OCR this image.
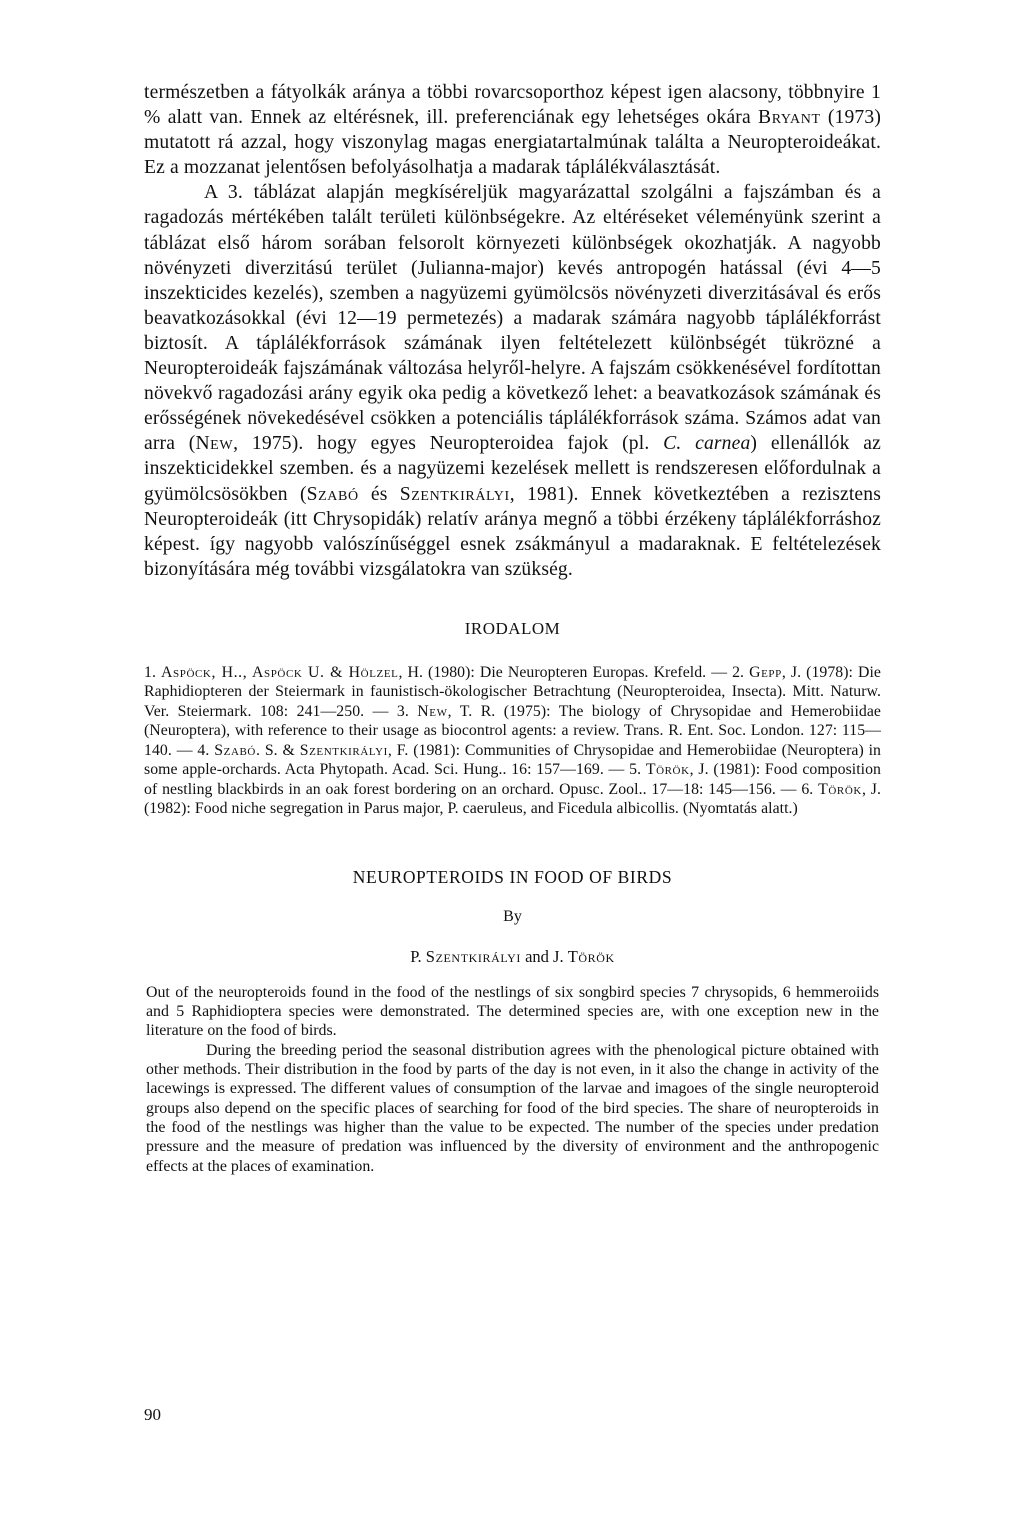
természetben a fátyolkák aránya a többi rovarcsoporthoz képest igen alacsony, többnyire 1 % alatt van. Ennek az eltérésnek, ill. preferenciának egy lehetséges okára Bryant (1973) mutatott rá azzal, hogy viszonylag magas energiatartalmúnak találta a Neuropteroideákat. Ez a mozzanat jelentősen befolyásolhatja a madarak táplálékválasztását.

A 3. táblázat alapján megkíséreljük magyarázattal szolgálni a fajszámban és a ragadozás mértékében talált területi különbségekre. Az eltéréseket véleményünk szerint a táblázat első három sorában felsorolt környezeti különbségek okozhatják. A nagyobb növényzeti diverzitású terület (Julianna-major) kevés antropogén hatással (évi 4—5 inszekticides kezelés), szemben a nagyüzemi gyümölcsös növényzeti diverzitásával és erős beavatkozásokkal (évi 12—19 permetezés) a madarak számára nagyobb táplálékforrást biztosít. A táplálékforrások számának ilyen feltételezett különbségét tükrözné a Neuropteroideák fajszámának változása helyről-helyre. A fajszám csökkenésével fordítottan növekvő ragadozási arány egyik oka pedig a következő lehet: a beavatkozások számának és erősségének növekedésével csökken a potenciális táplálékforrások száma. Számos adat van arra (New, 1975). hogy egyes Neuropteroidea fajok (pl. C. carnea) ellenállók az inszekticidekkel szemben. és a nagyüzemi kezelések mellett is rendszeresen előfordulnak a gyümölcsösökben (Szabó és Szentkirályi, 1981). Ennek következtében a rezisztens Neuropteroideák (itt Chrysopidák) relatív aránya megnő a többi érzékeny táplálékforráshoz képest. így nagyobb valószínűséggel esnek zsákmányul a madaraknak. E feltételezések bizonyítására még további vizsgálatokra van szükség.

IRODALOM

1. Aspöck, H.., Aspöck U. & Hölzel, H. (1980): Die Neuropteren Europas. Krefeld. — 2. Gepp, J. (1978): Die Raphidiopteren der Steiermark in faunistisch-ökologischer Betrachtung (Neuropteroidea, Insecta). Mitt. Naturw. Ver. Steiermark. 108: 241—250. — 3. New, T. R. (1975): The biology of Chrysopidae and Hemerobiidae (Neuroptera), with reference to their usage as biocontrol agents: a review. Trans. R. Ent. Soc. London. 127: 115—140. — 4. Szabó. S. & Szentkirályi, F. (1981): Communities of Chrysopidae and Hemerobiidae (Neuroptera) in some apple-orchards. Acta Phytopath. Acad. Sci. Hung.. 16: 157—169. — 5. Török, J. (1981): Food composition of nestling blackbirds in an oak forest bordering on an orchard. Opusc. Zool.. 17—18: 145—156. — 6. Török, J. (1982): Food niche segregation in Parus major, P. caeruleus, and Ficedula albicollis. (Nyomtatás alatt.)

NEUROPTEROIDS IN FOOD OF BIRDS
By
P. Szentkirályi and J. Török

Out of the neuropteroids found in the food of the nestlings of six songbird species 7 chrysopids, 6 hemmeroiids and 5 Raphidioptera species were demonstrated. The determined species are, with one exception new in the literature on the food of birds.

During the breeding period the seasonal distribution agrees with the phenological picture obtained with other methods. Their distribution in the food by parts of the day is not even, in it also the change in activity of the lacewings is expressed. The different values of consumption of the larvae and imagoes of the single neuropteroid groups also depend on the specific places of searching for food of the bird species. The share of neuropteroids in the food of the nestlings was higher than the value to be expected. The number of the species under predation pressure and the measure of predation was influenced by the diversity of environment and the anthropogenic effects at the places of examination.

90
